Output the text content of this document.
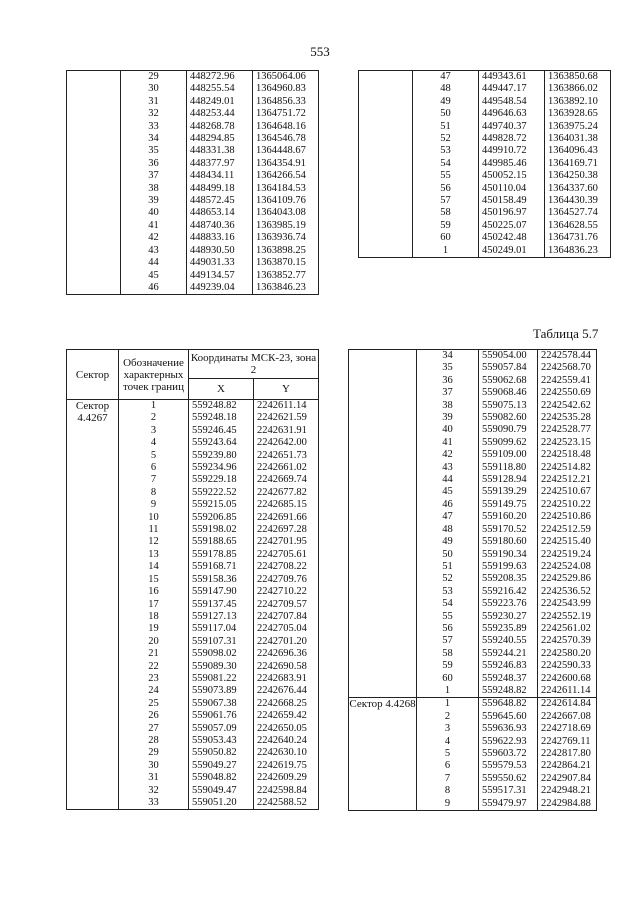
553
Таблица 5.7
	29	448272.96	1365064.06
	30	448255.54	1364960.83
	31	448249.01	1364856.33
	32	448253.44	1364751.72
	33	448268.78	1364648.16
	34	448294.85	1364546.78
	35	448331.38	1364448.67
	36	448377.97	1364354.91
	37	448434.11	1364266.54
	38	448499.18	1364184.53
	39	448572.45	1364109.76
	40	448653.14	1364043.08
	41	448740.36	1363985.19
	42	448833.16	1363936.74
	43	448930.50	1363898.25
	44	449031.33	1363870.15
	45	449134.57	1363852.77
	46	449239.04	1363846.23
	47	449343.61	1363850.68
	48	449447.17	1363866.02
	49	449548.54	1363892.10
	50	449646.63	1363928.65
	51	449740.37	1363975.24
	52	449828.72	1364031.38
	53	449910.72	1364096.43
	54	449985.46	1364169.71
	55	450052.15	1364250.38
	56	450110.04	1364337.60
	57	450158.49	1364430.39
	58	450196.97	1364527.74
	59	450225.07	1364628.55
	60	450242.48	1364731.76
	1	450249.01	1364836.23
Сектор	Обозначение характерных точек границ	Координаты МСК-23, зона 2	
		X	Y
Сектор 4.4267	1	559248.82	2242611.14
	2	559248.18	2242621.59
	3	559246.45	2242631.91
	4	559243.64	2242642.00
	5	559239.80	2242651.73
	6	559234.96	2242661.02
	7	559229.18	2242669.74
	8	559222.52	2242677.82
	9	559215.05	2242685.15
	10	559206.85	2242691.66
	11	559198.02	2242697.28
	12	559188.65	2242701.95
	13	559178.85	2242705.61
	14	559168.71	2242708.22
	15	559158.36	2242709.76
	16	559147.90	2242710.22
	17	559137.45	2242709.57
	18	559127.13	2242707.84
	19	559117.04	2242705.04
	20	559107.31	2242701.20
	21	559098.02	2242696.36
	22	559089.30	2242690.58
	23	559081.22	2242683.91
	24	559073.89	2242676.44
	25	559067.38	2242668.25
	26	559061.76	2242659.42
	27	559057.09	2242650.05
	28	559053.43	2242640.24
	29	559050.82	2242630.10
	30	559049.27	2242619.75
	31	559048.82	2242609.29
	32	559049.47	2242598.84
	33	559051.20	2242588.52
	34	559054.00	2242578.44
	35	559057.84	2242568.70
	36	559062.68	2242559.41
	37	559068.46	2242550.69
	38	559075.13	2242542.62
	39	559082.60	2242535.28
	40	559090.79	2242528.77
	41	559099.62	2242523.15
	42	559109.00	2242518.48
	43	559118.80	2242514.82
	44	559128.94	2242512.21
	45	559139.29	2242510.67
	46	559149.75	2242510.22
	47	559160.20	2242510.86
	48	559170.52	2242512.59
	49	559180.60	2242515.40
	50	559190.34	2242519.24
	51	559199.63	2242524.08
	52	559208.35	2242529.86
	53	559216.42	2242536.52
	54	559223.76	2242543.99
	55	559230.27	2242552.19
	56	559235.89	2242561.02
	57	559240.55	2242570.39
	58	559244.21	2242580.20
	59	559246.83	2242590.33
	60	559248.37	2242600.68
	1	559248.82	2242611.14
Сектор 4.4268	1	559648.82	2242614.84
	2	559645.60	2242667.08
	3	559636.93	2242718.69
	4	559622.93	2242769.11
	5	559603.72	2242817.80
	6	559579.53	2242864.21
	7	559550.62	2242907.84
	8	559517.31	2242948.21
	9	559479.97	2242984.88
